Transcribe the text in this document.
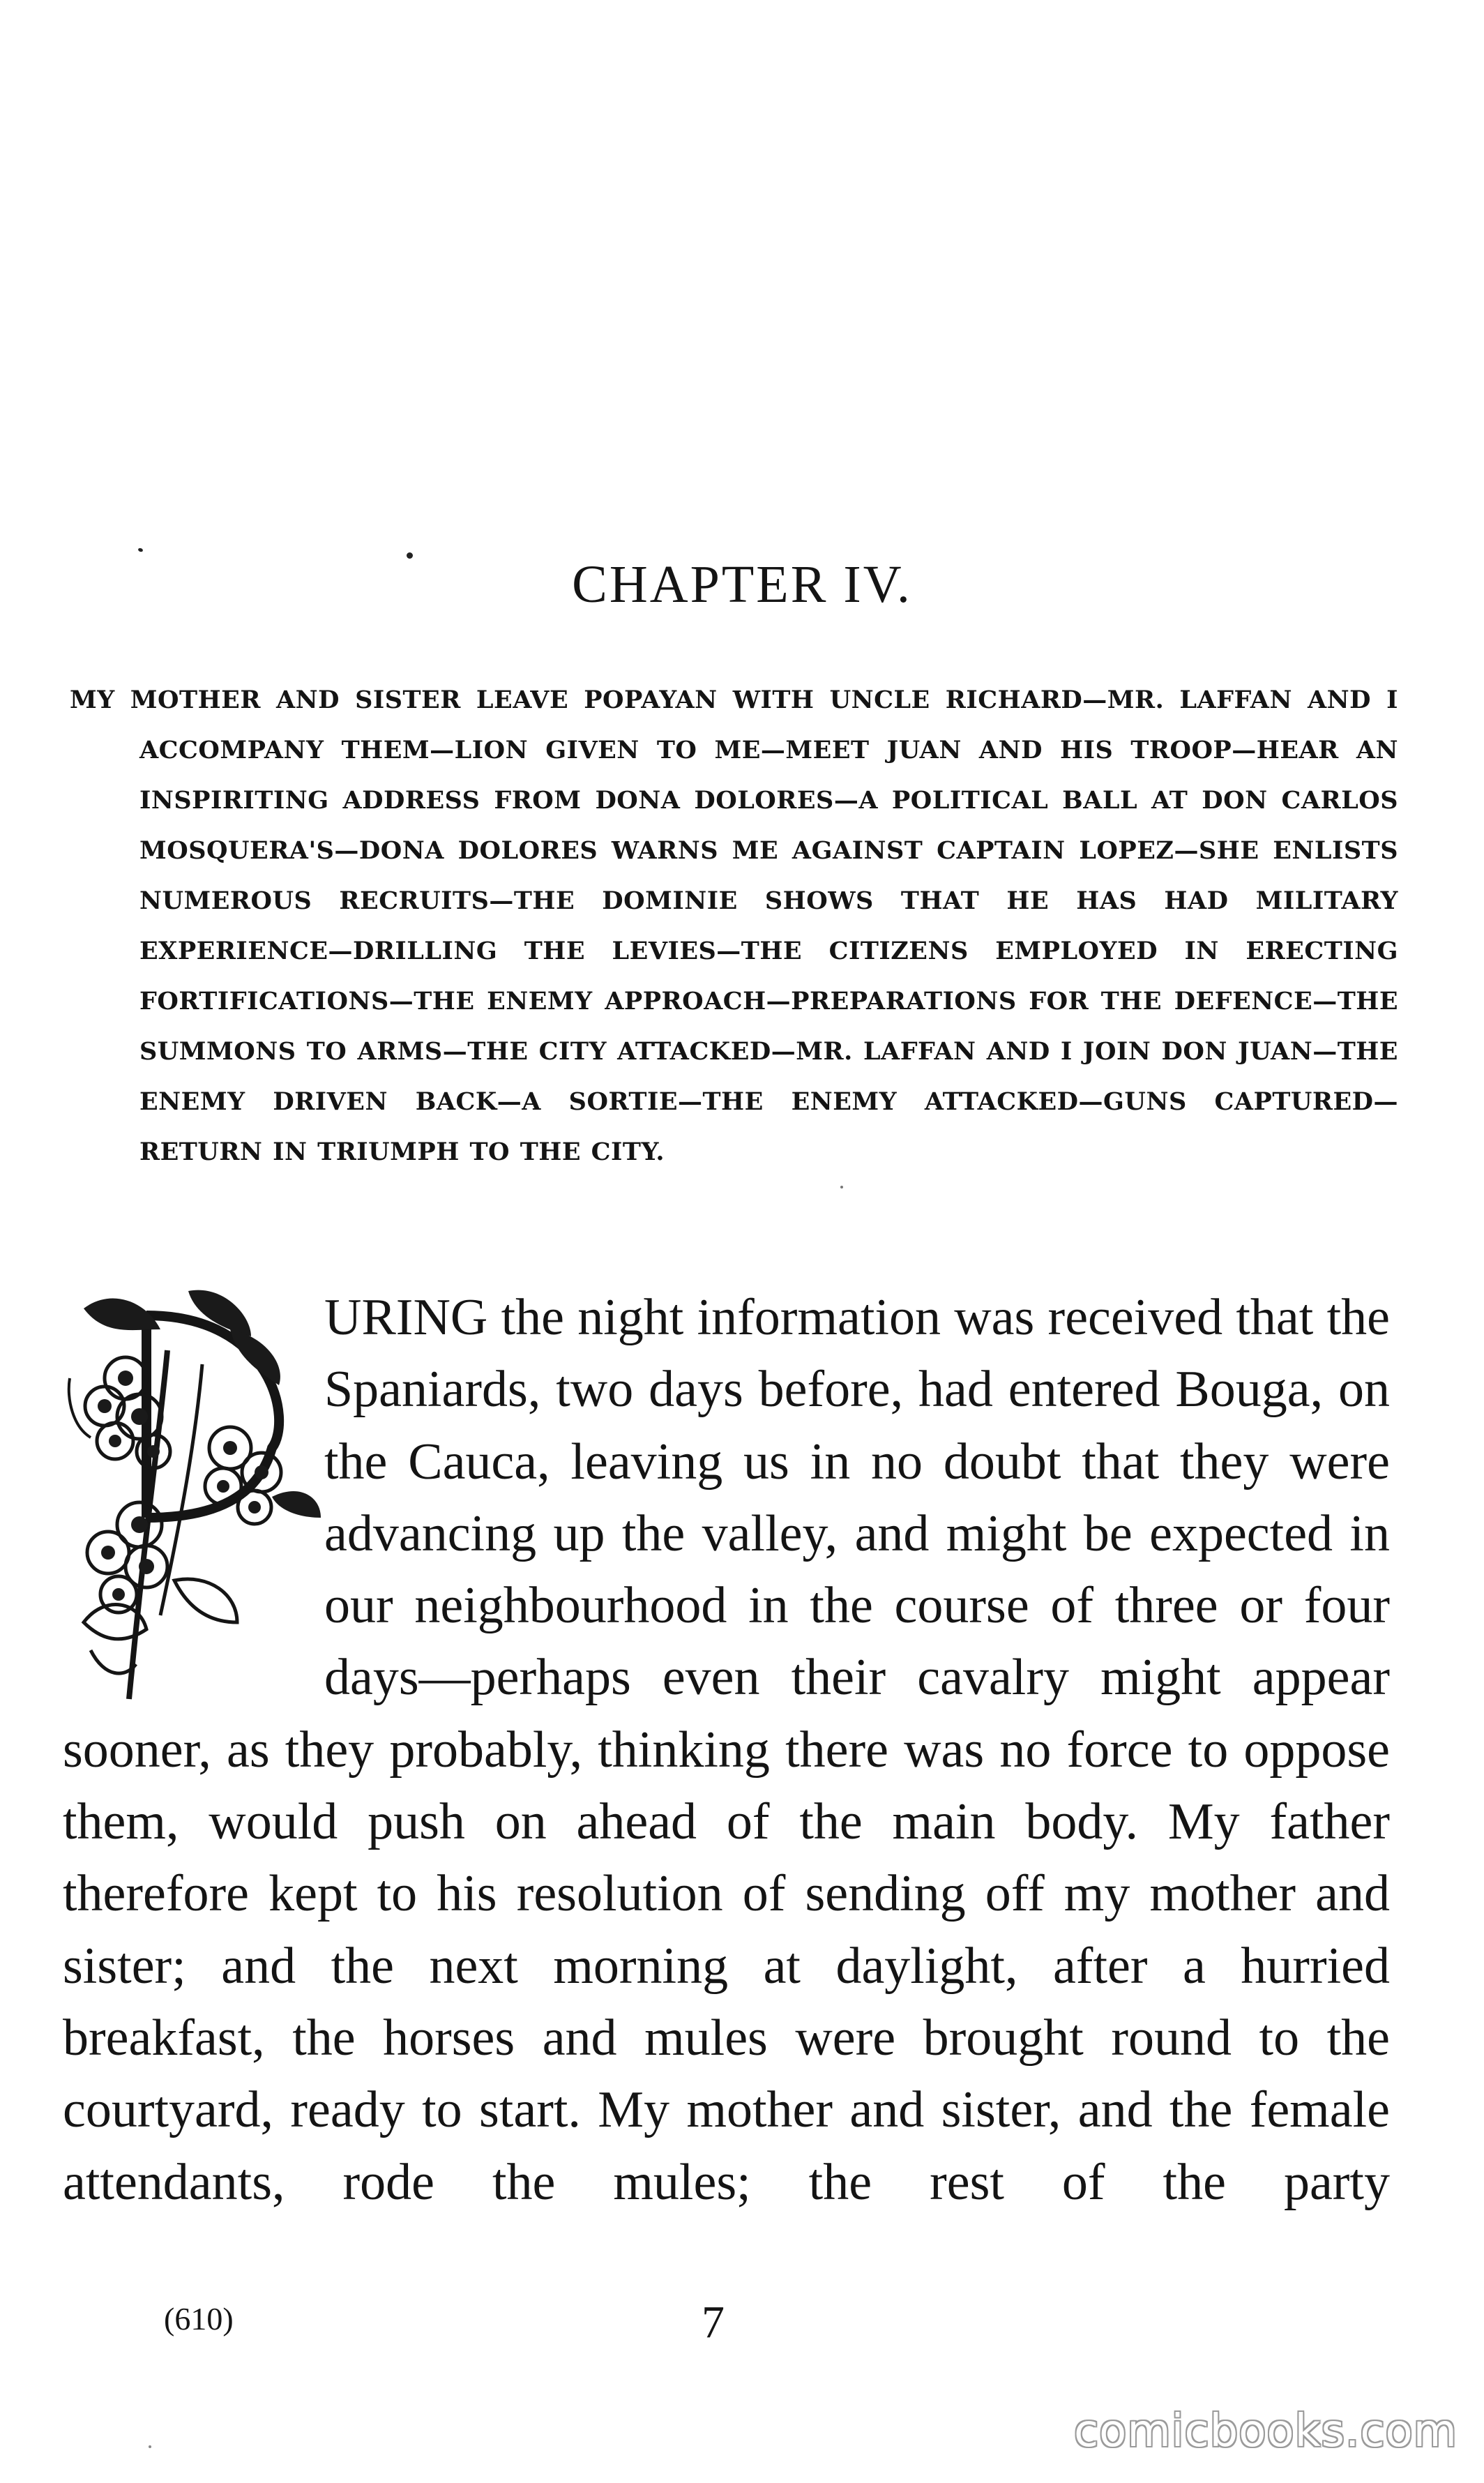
CHAPTER IV.
MY MOTHER AND SISTER LEAVE POPAYAN WITH UNCLE RICHARD—MR. LAFFAN AND I ACCOMPANY THEM—LION GIVEN TO ME—MEET JUAN AND HIS TROOP—HEAR AN INSPIRITING ADDRESS FROM DONA DOLORES—A POLITICAL BALL AT DON CARLOS MOSQUERA'S—DONA DOLORES WARNS ME AGAINST CAPTAIN LOPEZ—SHE ENLISTS NUMEROUS RECRUITS—THE DOMINIE SHOWS THAT HE HAS HAD MILITARY EXPERIENCE—DRILLING THE LEVIES—THE CITIZENS EMPLOYED IN ERECTING FORTIFICATIONS—THE ENEMY APPROACH—PREPARATIONS FOR THE DEFENCE—THE SUMMONS TO ARMS—THE CITY ATTACKED—MR. LAFFAN AND I JOIN DON JUAN—THE ENEMY DRIVEN BACK—A SORTIE—THE ENEMY ATTACKED—GUNS CAPTURED—RETURN IN TRIUMPH TO THE CITY.
URING the night information was received that the Spaniards, two days before, had entered Bouga, on the Cauca, leaving us in no doubt that they were advancing up the valley, and might be expected in our neighbourhood in the course of three or four days—perhaps even their cavalry might appear sooner, as they probably, thinking there was no force to oppose them, would push on ahead of the main body. My father therefore kept to his resolution of sending off my mother and sister; and the next morning at daylight, after a hurried breakfast, the horses and mules were brought round to the courtyard, ready to start. My mother and sister, and the female attendants, rode the mules; the rest of the party
(610)	7
comicbooks.com
